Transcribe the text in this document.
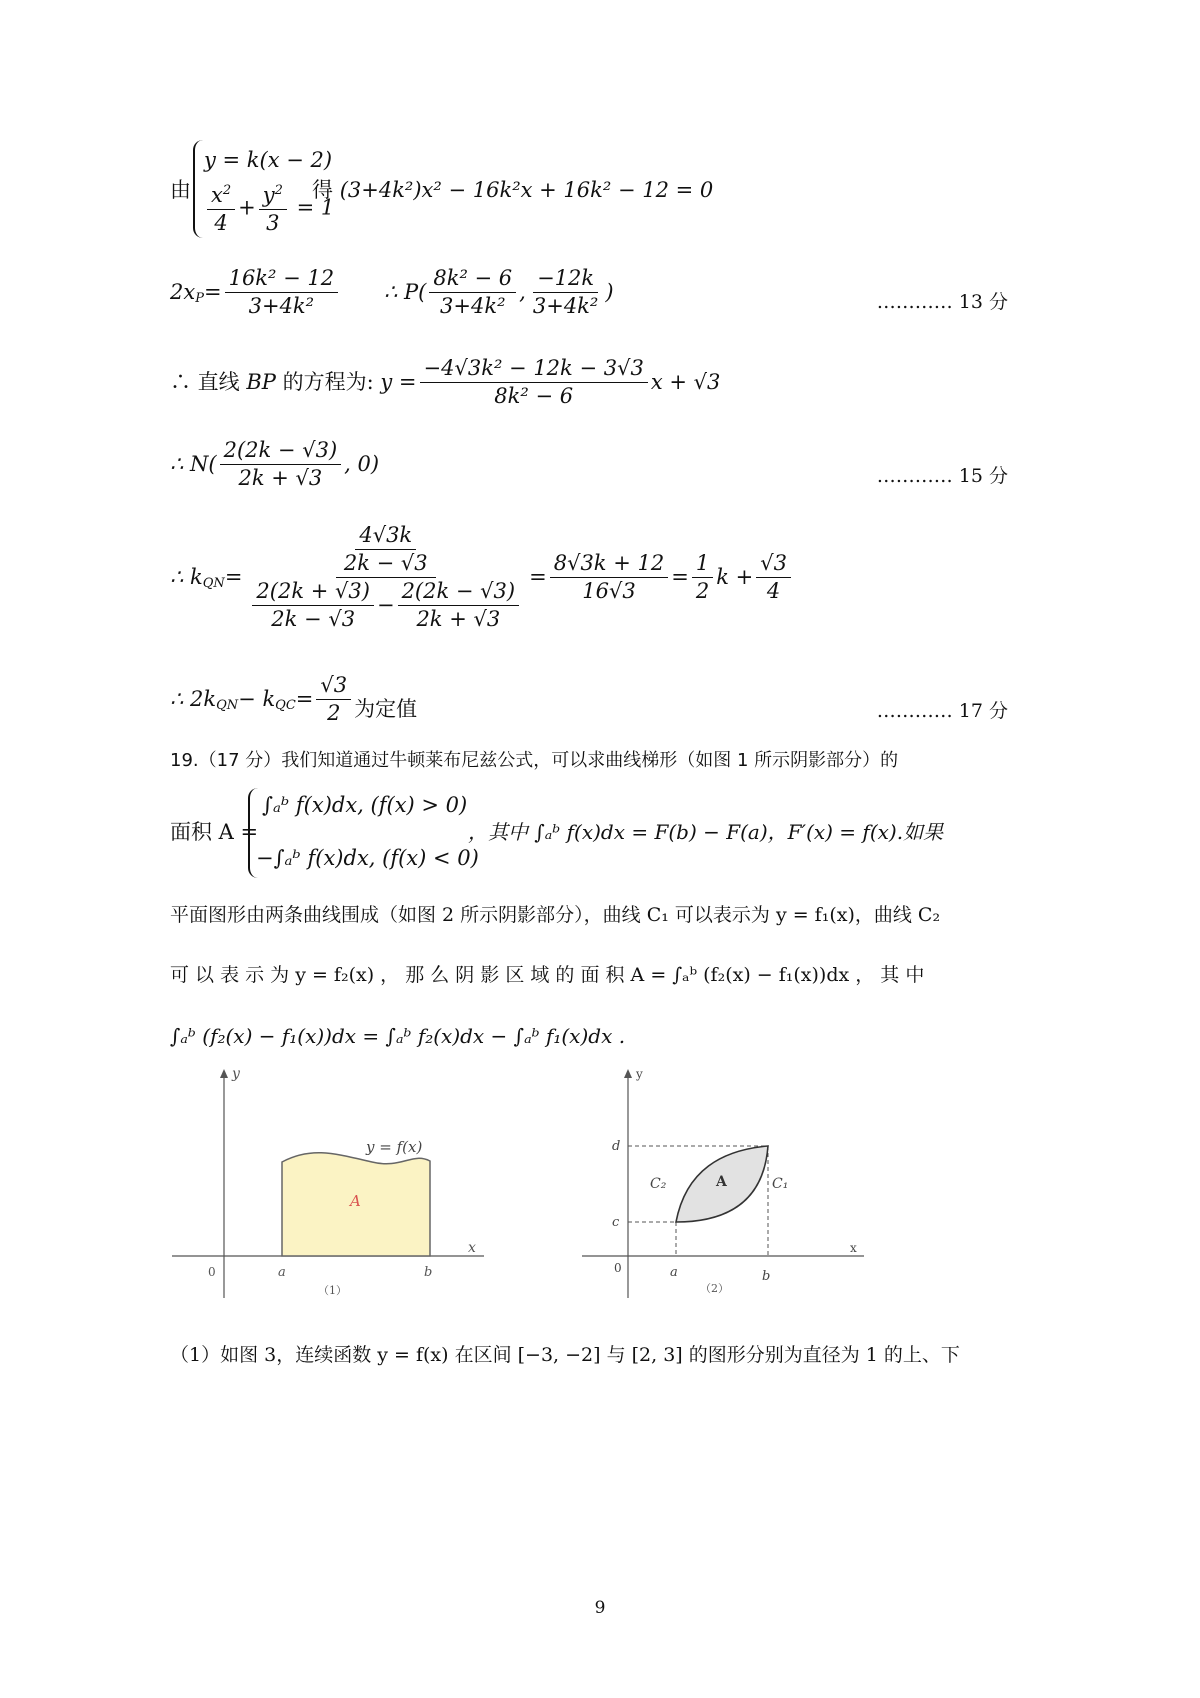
由
y = k(x − 2)
$\frac{x^2}{4} + \frac{y^2}{3} = 1$
得 (3+4k²)x² − 16k²x + 16k² − 12 = 0
$2x_P = \frac{\text{16k² − 12}}{\text{3+4k²}}$ ∴ $P( \frac{\text{8k² − 6}}{\text{3+4k²}}$ , $\frac{-12k}{\text{3+4k²}}$ )	………… 13 分
∴ 直线
BP
的方程为:
$y = \frac{\text{−4√3k² − 12k − 3√3}}{\text{8k² − 6}}$ x + √3
∴ $N( \frac{2(2k - √3)}{2k + √3}$ , 0)	………… 15 分
∴ $k_{QN} = \frac{\frac{4√3k}{2k - √3}}{\frac{2(2k + √3)}{2k - √3} - \frac{2(2k - √3)}{2k + √3}} = \frac{8√3k + 12}{16√3} = \frac{1}{2}$ $k + \frac{√3}{4}$
∴ $2k_{QN} - k_{QC} = \frac{√3}{2}$ 为定值	………… 17 分
19.（17 分）我们知道通过牛顿莱布尼兹公式，可以求曲线梯形（如图 1 所示阴影部分）的
面积 A =
∫ₐᵇ f(x)dx, (f(x) > 0)
−∫ₐᵇ f(x)dx, (f(x) < 0)
，其中 ∫ₐᵇ f(x)dx = F(b) − F(a)，F′(x) = f(x).如果
平面图形由两条曲线围成（如图 2 所示阴影部分），曲线 C₁ 可以表示为 y = f₁(x)，曲线 C₂
可 以 表 示 为 y = f₂(x) ， 那 么 阴 影 区 域 的 面 积 A = ∫ₐᵇ (f₂(x) − f₁(x))dx ， 其 中
∫ₐᵇ (f₂(x) − f₁(x))dx = ∫ₐᵇ f₂(x)dx − ∫ₐᵇ f₁(x)dx .
y
x
0	a	b
y = f(x)
A
（1）
y
x
0	a	b
c
d
C₂	C₁
A
（2）
（1）如图 3，连续函数 y = f(x) 在区间 [−3, −2] 与 [2, 3] 的图形分别为直径为 1 的上、下
9
